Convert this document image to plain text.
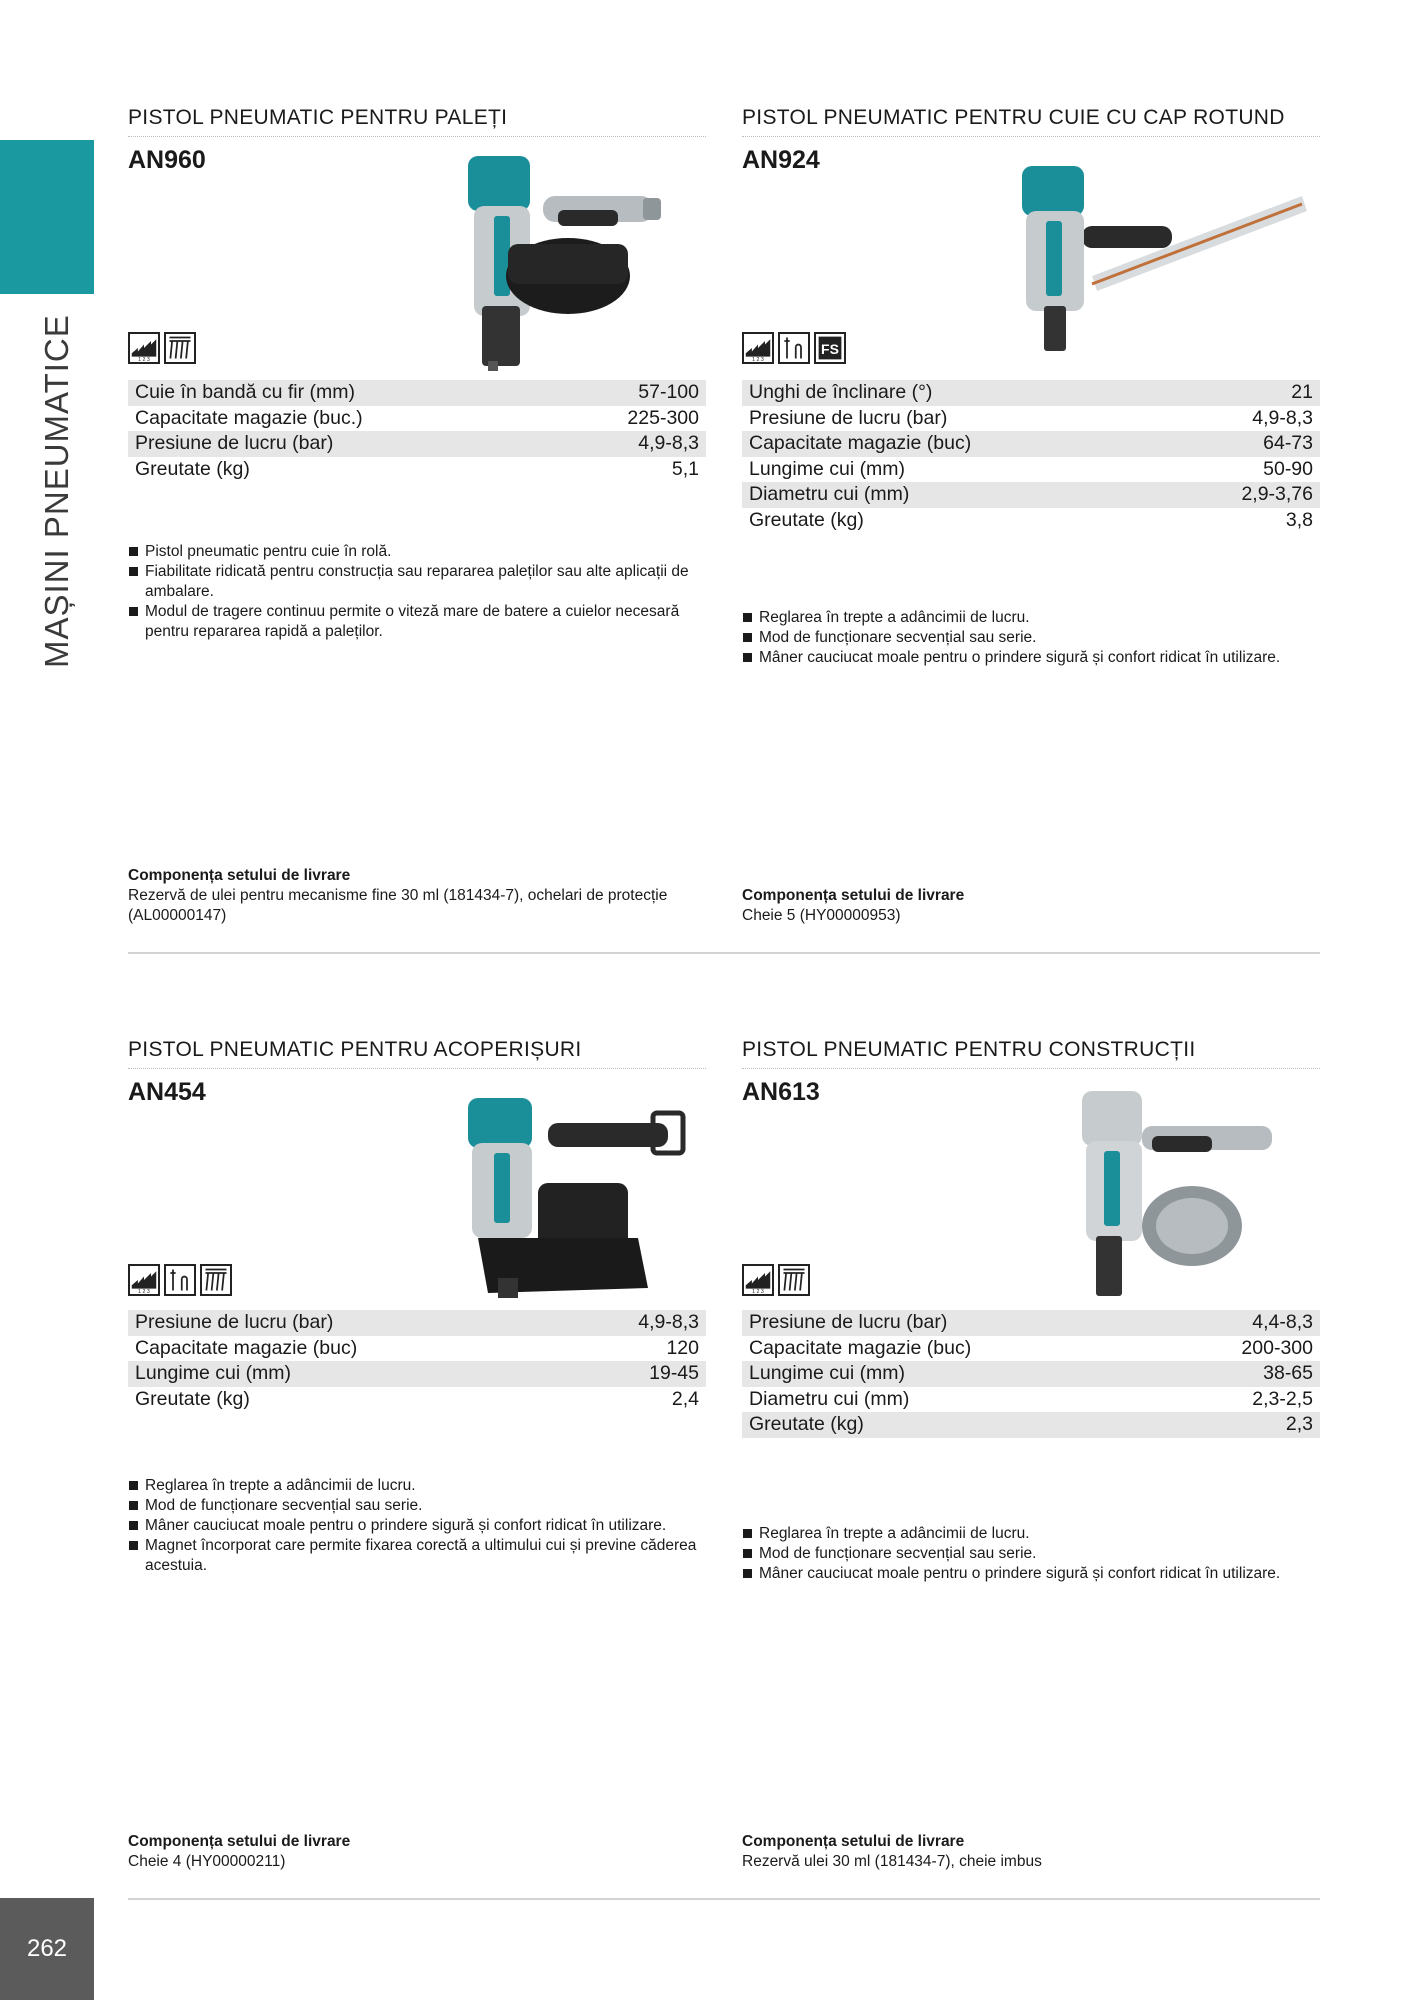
MAȘINI PNEUMATICE
262
PISTOL PNEUMATIC PENTRU PALEȚI
AN960
1 2 3
Cuie în bandă cu fir (mm)	57-100
Capacitate magazie (buc.)	225-300
Presiune de lucru (bar)	4,9-8,3
Greutate (kg)	5,1
Pistol pneumatic pentru cuie în rolă.
Fiabilitate ridicată pentru construcția sau repararea paleților sau alte aplicații de ambalare.
Modul de tragere continuu permite o viteză mare de batere a cuielor necesară pentru repararea rapidă a paleților.
Componența setului de livrare
Rezervă de ulei pentru mecanisme fine 30 ml (181434-7), ochelari de protecție (AL00000147)
PISTOL PNEUMATIC PENTRU CUIE CU CAP ROTUND
AN924
1 2 3
FS
Unghi de înclinare (°)	21
Presiune de lucru (bar)	4,9-8,3
Capacitate magazie (buc)	64-73
Lungime cui (mm)	50-90
Diametru cui (mm)	2,9-3,76
Greutate (kg)	3,8
Reglarea în trepte a adâncimii de lucru.
Mod de funcționare secvențial sau serie.
Mâner cauciucat moale pentru o prindere sigură și confort ridicat în utilizare.
Componența setului de livrare
Cheie 5 (HY00000953)
PISTOL PNEUMATIC PENTRU ACOPERIȘURI
AN454
1 2 3
Presiune de lucru (bar)	4,9-8,3
Capacitate magazie (buc)	120
Lungime cui (mm)	19-45
Greutate (kg)	2,4
Reglarea în trepte a adâncimii de lucru.
Mod de funcționare secvențial sau serie.
Mâner cauciucat moale pentru o prindere sigură și confort ridicat în utilizare.
Magnet încorporat care permite fixarea corectă a ultimului cui și previne căderea acestuia.
Componența setului de livrare
Cheie 4 (HY00000211)
PISTOL PNEUMATIC PENTRU CONSTRUCȚII
AN613
1 2 3
Presiune de lucru (bar)	4,4-8,3
Capacitate magazie (buc)	200-300
Lungime cui (mm)	38-65
Diametru cui (mm)	2,3-2,5
Greutate (kg)	2,3
Reglarea în trepte a adâncimii de lucru.
Mod de funcționare secvențial sau serie.
Mâner cauciucat moale pentru o prindere sigură și confort ridicat în utilizare.
Componența setului de livrare
Rezervă ulei 30 ml (181434-7), cheie imbus
